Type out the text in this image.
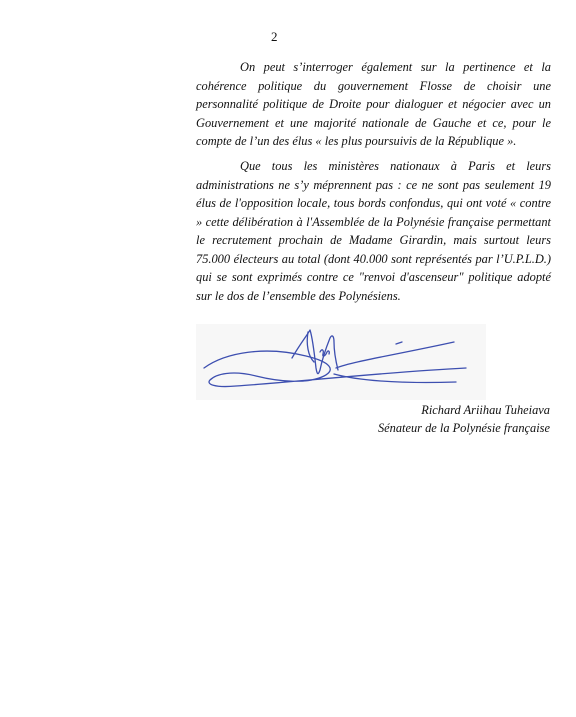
2

On peut s’interroger également sur la pertinence et la cohérence politique du gouvernement Flosse de choisir une personnalité politique de Droite pour dialoguer et négocier avec un Gouvernement et une majorité nationale de Gauche et ce, pour le compte de l’un des élus « les plus poursuivis de la République ».

Que tous les ministères nationaux à Paris et leurs administrations ne s’y méprennent pas : ce ne sont pas seulement 19 élus de l'opposition locale, tous bords confondus, qui ont voté « contre » cette délibération à l'Assemblée de la Polynésie française permettant le recrutement prochain de Madame Girardin, mais surtout leurs 75.000 électeurs au total (dont 40.000 sont représentés par l’U.P.L.D.) qui se sont exprimés contre ce "renvoi d'ascenseur" politique adopté sur le dos de l’ensemble des Polynésiens.

Richard Ariihau Tuheiava
Sénateur de la Polynésie française
